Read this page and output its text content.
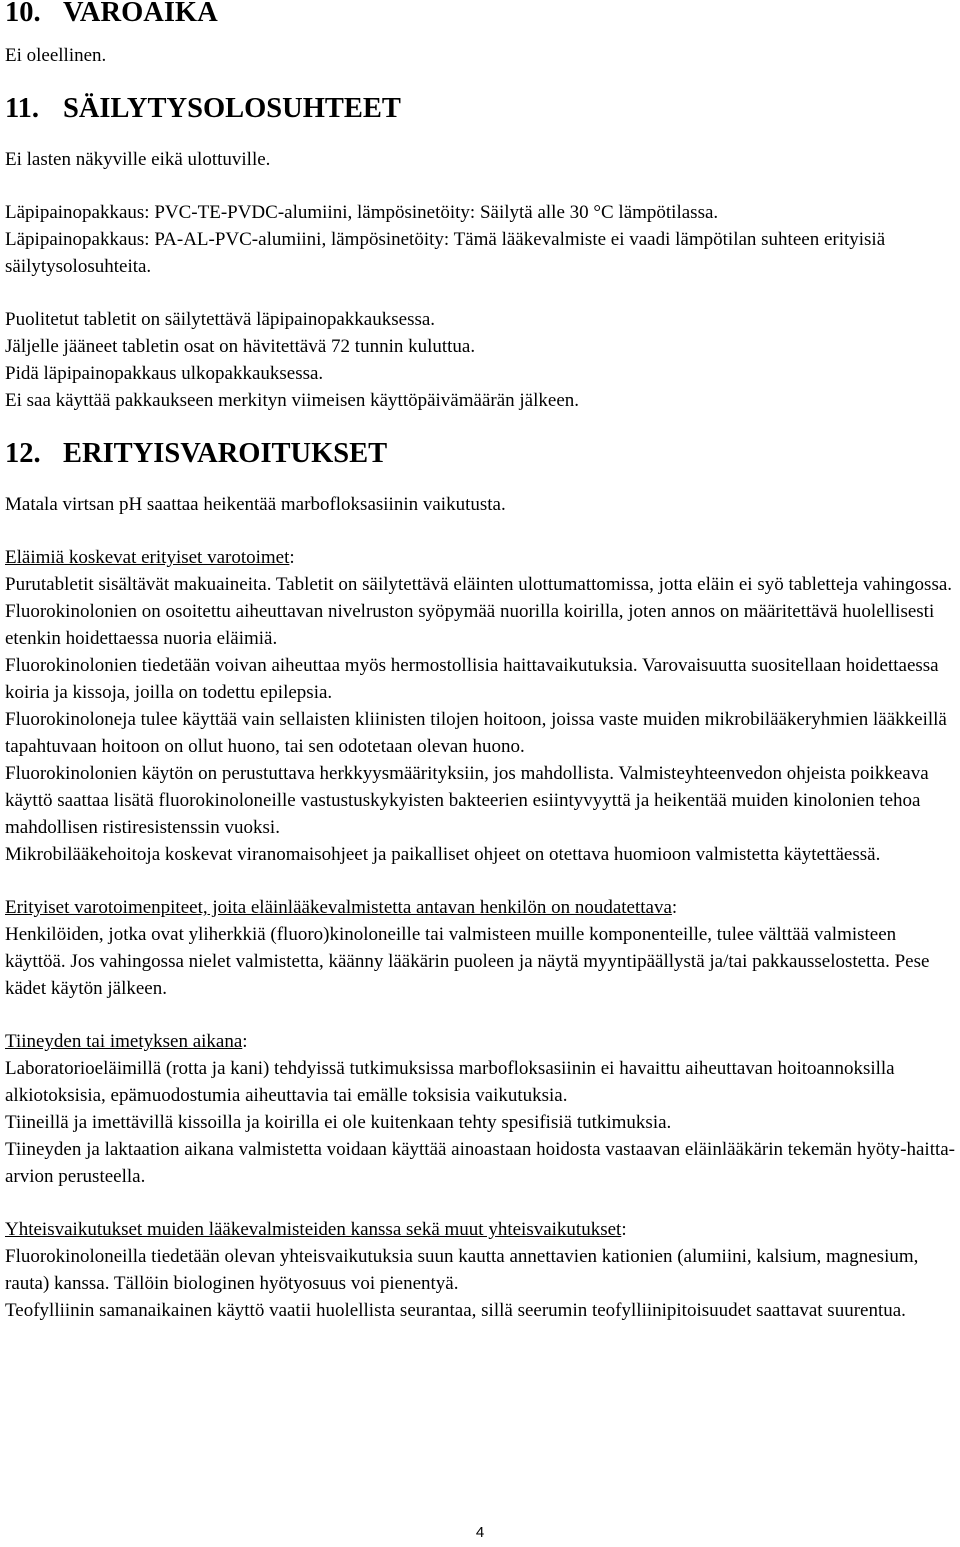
10. VAROAIKA

Ei oleellinen.

11. SÄILYTYSOLOSUHTEET

Ei lasten näkyville eikä ulottuville.

Läpipainopakkaus: PVC-TE-PVDC-alumiini, lämpösinetöity: Säilytä alle 30 °C lämpötilassa.

Läpipainopakkaus: PA-AL-PVC-alumiini, lämpösinetöity: Tämä lääkevalmiste ei vaadi lämpötilan suhteen erityisiä säilytysolosuhteita.

Puolitetut tabletit on säilytettävä läpipainopakkauksessa.

Jäljelle jääneet tabletin osat on hävitettävä 72 tunnin kuluttua.

Pidä läpipainopakkaus ulkopakkauksessa.

Ei saa käyttää pakkaukseen merkityn viimeisen käyttöpäivämäärän jälkeen.

12. ERITYISVAROITUKSET

Matala virtsan pH saattaa heikentää marbofloksasiinin vaikutusta.

Eläimiä koskevat erityiset varotoimet:

Purutabletit sisältävät makuaineita. Tabletit on säilytettävä eläinten ulottumattomissa, jotta eläin ei syö tabletteja vahingossa.

Fluorokinolonien on osoitettu aiheuttavan nivelruston syöpymää nuorilla koirilla, joten annos on määritettävä huolellisesti etenkin hoidettaessa nuoria eläimiä.

Fluorokinolonien tiedetään voivan aiheuttaa myös hermostollisia haittavaikutuksia. Varovaisuutta suositellaan hoidettaessa koiria ja kissoja, joilla on todettu epilepsia.

Fluorokinoloneja tulee käyttää vain sellaisten kliinisten tilojen hoitoon, joissa vaste muiden mikrobilääkeryhmien lääkkeillä tapahtuvaan hoitoon on ollut huono, tai sen odotetaan olevan huono.

Fluorokinolonien käytön on perustuttava herkkyysmäärityksiin, jos mahdollista. Valmisteyhteenvedon ohjeista poikkeava käyttö saattaa lisätä fluorokinoloneille vastustuskykyisten bakteerien esiintyvyyttä ja heikentää muiden kinolonien tehoa mahdollisen ristiresistenssin vuoksi.

Mikrobilääkehoitoja koskevat viranomaisohjeet ja paikalliset ohjeet on otettava huomioon valmistetta käytettäessä.

Erityiset varotoimenpiteet, joita eläinlääkevalmistetta antavan henkilön on noudatettava:

Henkilöiden, jotka ovat yliherkkiä (fluoro)kinoloneille tai valmisteen muille komponenteille, tulee välttää valmisteen käyttöä. Jos vahingossa nielet valmistetta, käänny lääkärin puoleen ja näytä myyntipäällystä ja/tai pakkausselostetta. Pese kädet käytön jälkeen.

Tiineyden tai imetyksen aikana:

Laboratorioeläimillä (rotta ja kani) tehdyissä tutkimuksissa marbofloksasiinin ei havaittu aiheuttavan hoitoannoksilla alkiotoksisia, epämuodostumia aiheuttavia tai emälle toksisia vaikutuksia.

Tiineillä ja imettävillä kissoilla ja koirilla ei ole kuitenkaan tehty spesifisiä tutkimuksia.

Tiineyden ja laktaation aikana valmistetta voidaan käyttää ainoastaan hoidosta vastaavan eläinlääkärin tekemän hyöty-haitta-arvion perusteella.

Yhteisvaikutukset muiden lääkevalmisteiden kanssa sekä muut yhteisvaikutukset:

Fluorokinoloneilla tiedetään olevan yhteisvaikutuksia suun kautta annettavien kationien (alumiini, kalsium, magnesium, rauta) kanssa. Tällöin biologinen hyötyosuus voi pienentyä.

Teofylliinin samanaikainen käyttö vaatii huolellista seurantaa, sillä seerumin teofylliinipitoisuudet saattavat suurentua.

4
